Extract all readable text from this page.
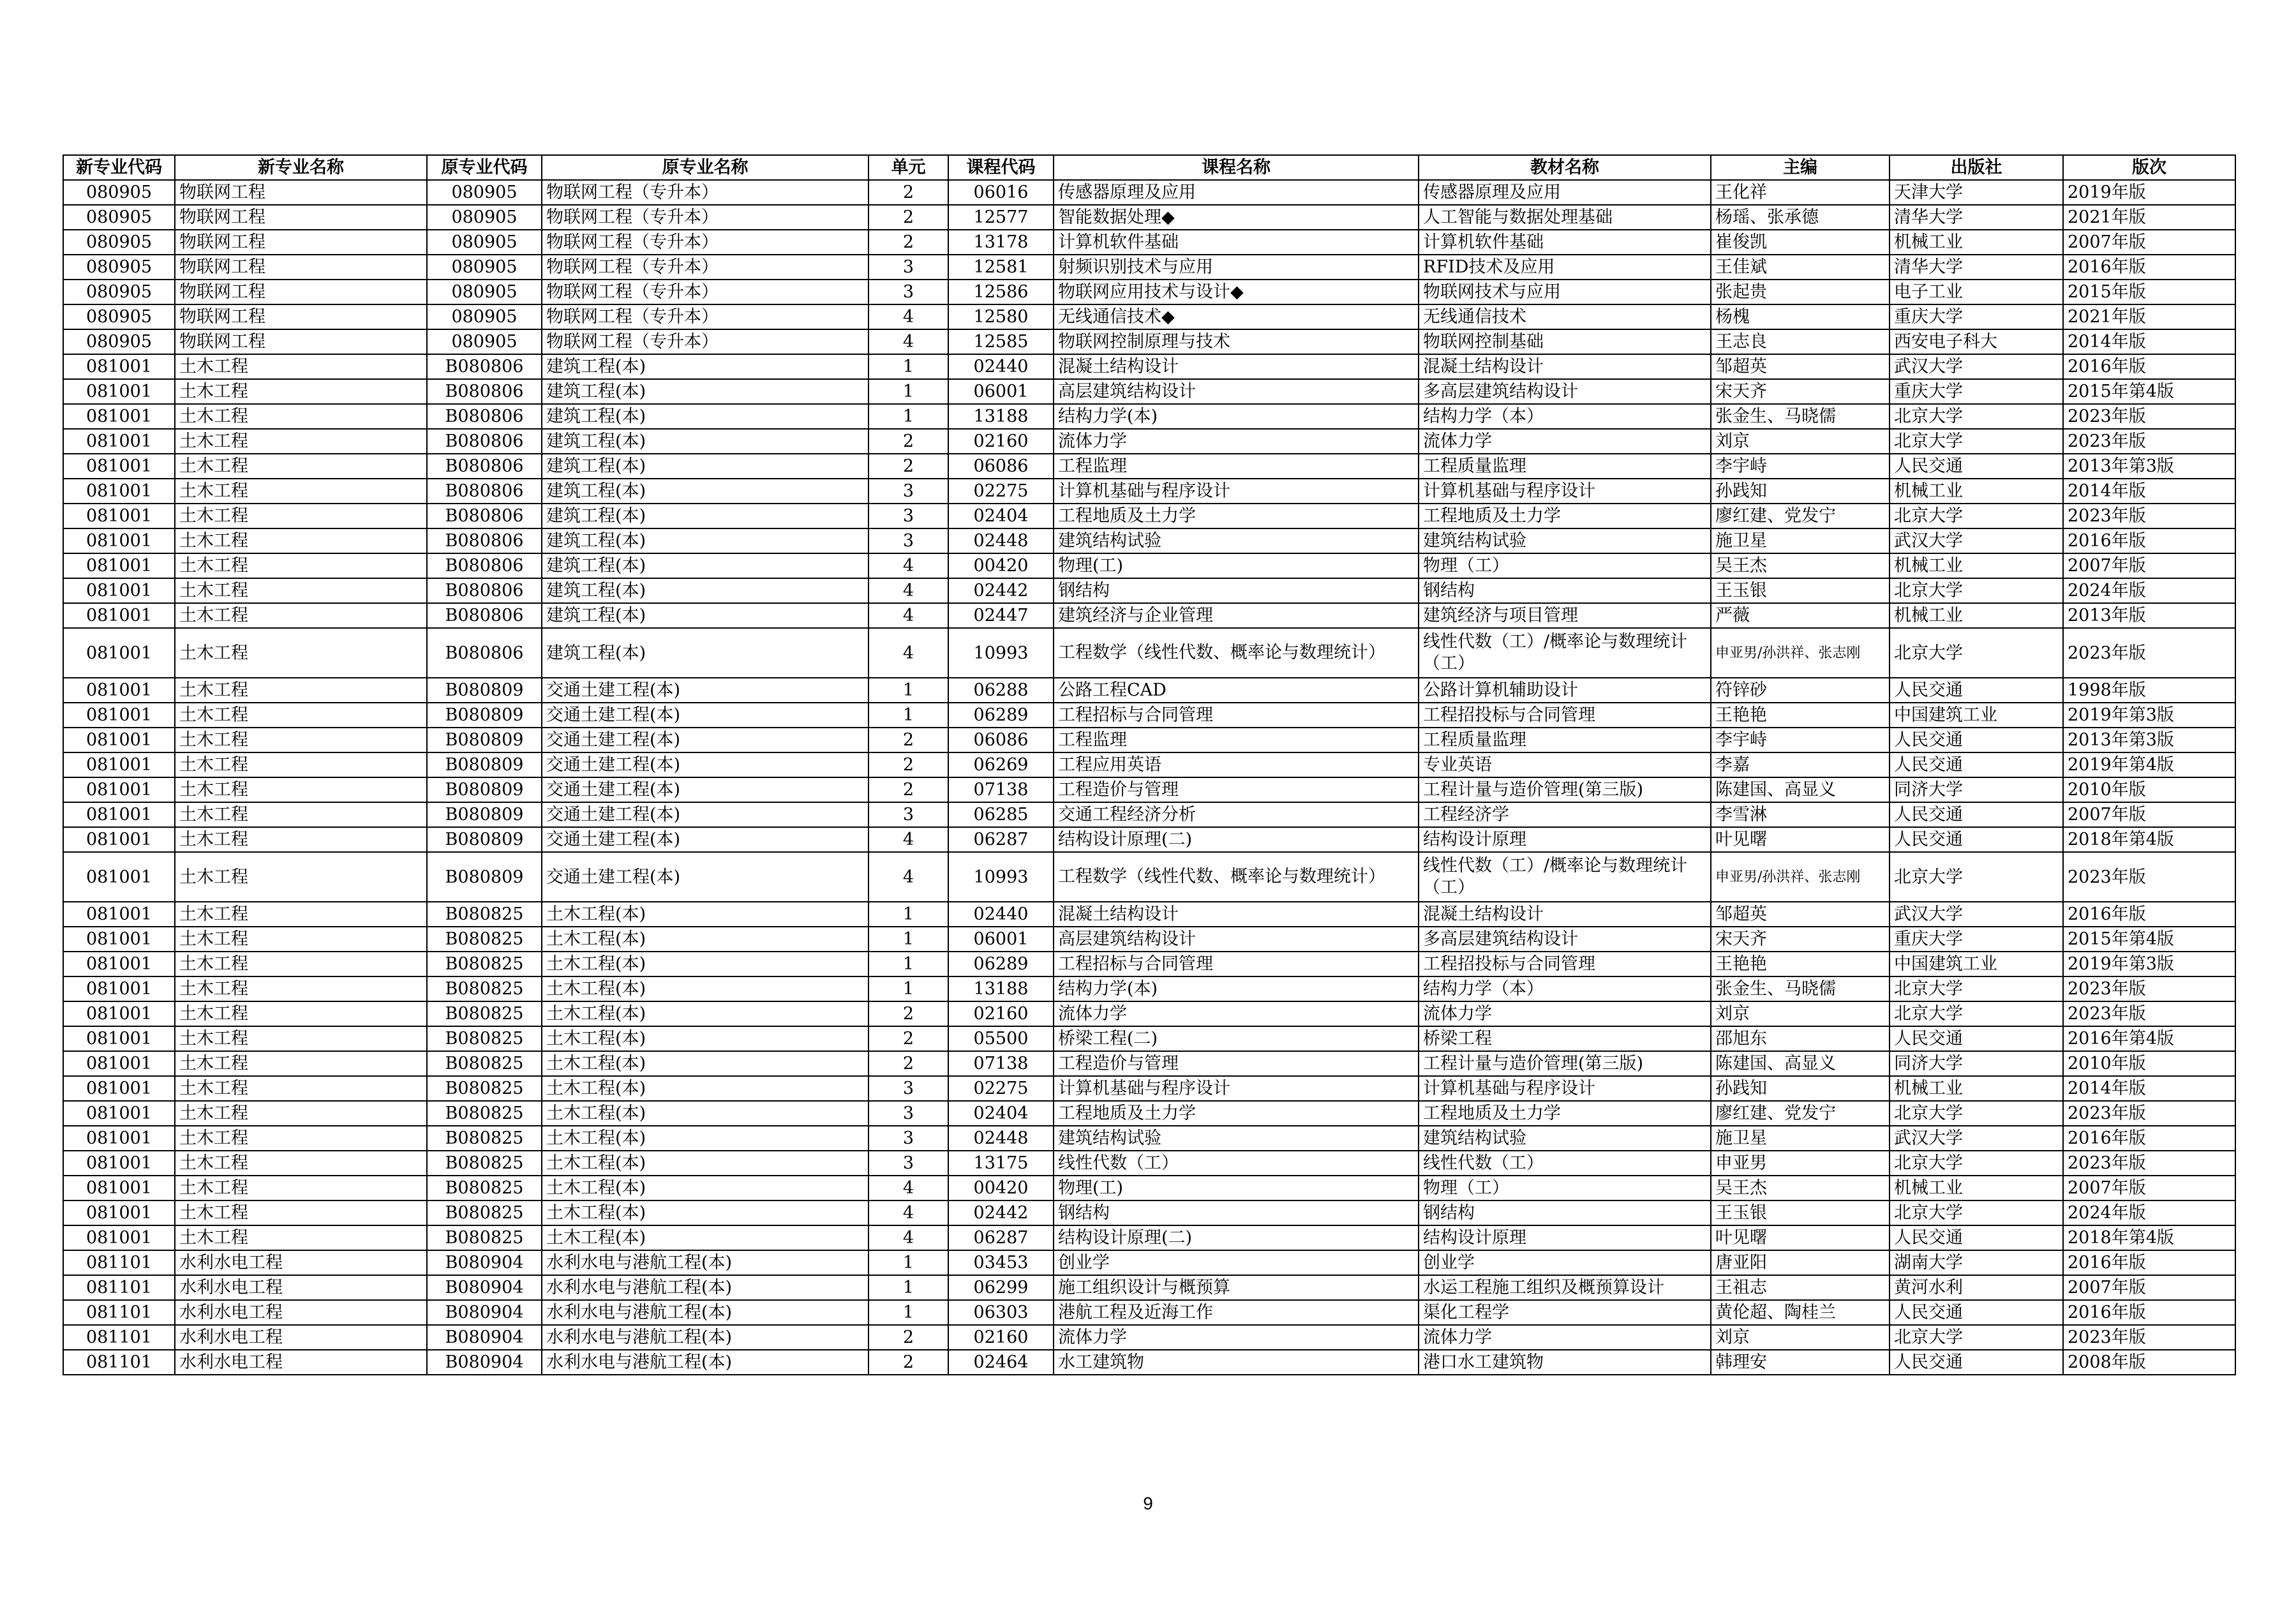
新专业代码	新专业名称	原专业代码	原专业名称	单元	课程代码	课程名称	教材名称	主编	出版社	版次
080905	物联网工程	080905	物联网工程（专升本）	2	06016	传感器原理及应用	传感器原理及应用	王化祥	天津大学	2019年版
080905	物联网工程	080905	物联网工程（专升本）	2	12577	智能数据处理◆	人工智能与数据处理基础	杨瑶、张承德	清华大学	2021年版
080905	物联网工程	080905	物联网工程（专升本）	2	13178	计算机软件基础	计算机软件基础	崔俊凯	机械工业	2007年版
080905	物联网工程	080905	物联网工程（专升本）	3	12581	射频识别技术与应用	RFID技术及应用	王佳斌	清华大学	2016年版
080905	物联网工程	080905	物联网工程（专升本）	3	12586	物联网应用技术与设计◆	物联网技术与应用	张起贵	电子工业	2015年版
080905	物联网工程	080905	物联网工程（专升本）	4	12580	无线通信技术◆	无线通信技术	杨槐	重庆大学	2021年版
080905	物联网工程	080905	物联网工程（专升本）	4	12585	物联网控制原理与技术	物联网控制基础	王志良	西安电子科大	2014年版
081001	土木工程	B080806	建筑工程(本)	1	02440	混凝土结构设计	混凝土结构设计	邹超英	武汉大学	2016年版
081001	土木工程	B080806	建筑工程(本)	1	06001	高层建筑结构设计	多高层建筑结构设计	宋天齐	重庆大学	2015年第4版
081001	土木工程	B080806	建筑工程(本)	1	13188	结构力学(本)	结构力学（本）	张金生、马晓儒	北京大学	2023年版
081001	土木工程	B080806	建筑工程(本)	2	02160	流体力学	流体力学	刘京	北京大学	2023年版
081001	土木工程	B080806	建筑工程(本)	2	06086	工程监理	工程质量监理	李宇峙	人民交通	2013年第3版
081001	土木工程	B080806	建筑工程(本)	3	02275	计算机基础与程序设计	计算机基础与程序设计	孙践知	机械工业	2014年版
081001	土木工程	B080806	建筑工程(本)	3	02404	工程地质及土力学	工程地质及土力学	廖红建、党发宁	北京大学	2023年版
081001	土木工程	B080806	建筑工程(本)	3	02448	建筑结构试验	建筑结构试验	施卫星	武汉大学	2016年版
081001	土木工程	B080806	建筑工程(本)	4	00420	物理(工)	物理（工）	吴王杰	机械工业	2007年版
081001	土木工程	B080806	建筑工程(本)	4	02442	钢结构	钢结构	王玉银	北京大学	2024年版
081001	土木工程	B080806	建筑工程(本)	4	02447	建筑经济与企业管理	建筑经济与项目管理	严薇	机械工业	2013年版
081001	土木工程	B080806	建筑工程(本)	4	10993	工程数学（线性代数、概率论与数理统计）	线性代数（工）/概率论与数理统计（工）	申亚男/孙洪祥、张志刚	北京大学	2023年版
081001	土木工程	B080809	交通土建工程(本)	1	06288	公路工程CAD	公路计算机辅助设计	符锌砂	人民交通	1998年版
081001	土木工程	B080809	交通土建工程(本)	1	06289	工程招标与合同管理	工程招投标与合同管理	王艳艳	中国建筑工业	2019年第3版
081001	土木工程	B080809	交通土建工程(本)	2	06086	工程监理	工程质量监理	李宇峙	人民交通	2013年第3版
081001	土木工程	B080809	交通土建工程(本)	2	06269	工程应用英语	专业英语	李嘉	人民交通	2019年第4版
081001	土木工程	B080809	交通土建工程(本)	2	07138	工程造价与管理	工程计量与造价管理(第三版)	陈建国、高显义	同济大学	2010年版
081001	土木工程	B080809	交通土建工程(本)	3	06285	交通工程经济分析	工程经济学	李雪淋	人民交通	2007年版
081001	土木工程	B080809	交通土建工程(本)	4	06287	结构设计原理(二)	结构设计原理	叶见曙	人民交通	2018年第4版
081001	土木工程	B080809	交通土建工程(本)	4	10993	工程数学（线性代数、概率论与数理统计）	线性代数（工）/概率论与数理统计（工）	申亚男/孙洪祥、张志刚	北京大学	2023年版
081001	土木工程	B080825	土木工程(本)	1	02440	混凝土结构设计	混凝土结构设计	邹超英	武汉大学	2016年版
081001	土木工程	B080825	土木工程(本)	1	06001	高层建筑结构设计	多高层建筑结构设计	宋天齐	重庆大学	2015年第4版
081001	土木工程	B080825	土木工程(本)	1	06289	工程招标与合同管理	工程招投标与合同管理	王艳艳	中国建筑工业	2019年第3版
081001	土木工程	B080825	土木工程(本)	1	13188	结构力学(本)	结构力学（本）	张金生、马晓儒	北京大学	2023年版
081001	土木工程	B080825	土木工程(本)	2	02160	流体力学	流体力学	刘京	北京大学	2023年版
081001	土木工程	B080825	土木工程(本)	2	05500	桥梁工程(二)	桥梁工程	邵旭东	人民交通	2016年第4版
081001	土木工程	B080825	土木工程(本)	2	07138	工程造价与管理	工程计量与造价管理(第三版)	陈建国、高显义	同济大学	2010年版
081001	土木工程	B080825	土木工程(本)	3	02275	计算机基础与程序设计	计算机基础与程序设计	孙践知	机械工业	2014年版
081001	土木工程	B080825	土木工程(本)	3	02404	工程地质及土力学	工程地质及土力学	廖红建、党发宁	北京大学	2023年版
081001	土木工程	B080825	土木工程(本)	3	02448	建筑结构试验	建筑结构试验	施卫星	武汉大学	2016年版
081001	土木工程	B080825	土木工程(本)	3	13175	线性代数（工）	线性代数（工）	申亚男	北京大学	2023年版
081001	土木工程	B080825	土木工程(本)	4	00420	物理(工)	物理（工）	吴王杰	机械工业	2007年版
081001	土木工程	B080825	土木工程(本)	4	02442	钢结构	钢结构	王玉银	北京大学	2024年版
081001	土木工程	B080825	土木工程(本)	4	06287	结构设计原理(二)	结构设计原理	叶见曙	人民交通	2018年第4版
081101	水利水电工程	B080904	水利水电与港航工程(本)	1	03453	创业学	创业学	唐亚阳	湖南大学	2016年版
081101	水利水电工程	B080904	水利水电与港航工程(本)	1	06299	施工组织设计与概预算	水运工程施工组织及概预算设计	王祖志	黄河水利	2007年版
081101	水利水电工程	B080904	水利水电与港航工程(本)	1	06303	港航工程及近海工作	渠化工程学	黄伦超、陶桂兰	人民交通	2016年版
081101	水利水电工程	B080904	水利水电与港航工程(本)	2	02160	流体力学	流体力学	刘京	北京大学	2023年版
081101	水利水电工程	B080904	水利水电与港航工程(本)	2	02464	水工建筑物	港口水工建筑物	韩理安	人民交通	2008年版
9
